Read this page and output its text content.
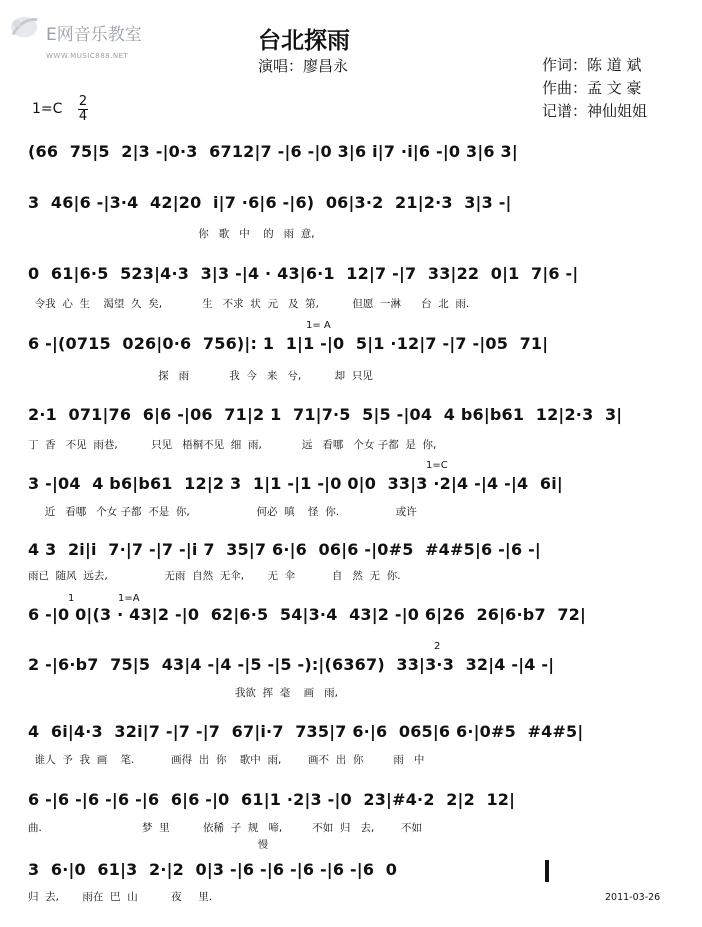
E网音乐教室
WWW.MUSIC888.NET
台北探雨
演唱：廖昌永	作词：陈 道 斌
作曲：孟 文 豪
记谱：神仙姐姐
1=C 2
4
(66  75|5  2|3 -|0·3  6712|7 -|6 -|0 3|6 i|7 ·i|6 -|0 3|6 3|
3  46|6 -|3·4  42|20  i|7 ·6|6 -|6)  06|3·2  21|2·3  3|3 -|
你   歌   中    的   雨  意,
0  61|6·5  523|4·3  3|3 -|4 · 43|6·1  12|7 -|7  33|22  0|1  7|6 -|
令我  心  生    渴望  久  矣,            生   不求  状  元   及  第,          但愿  一淋      台  北  雨.
1= A
6 -|(0715  026|0·6  756)|: 1  1|1 -|0  5|1 ·12|7 -|7 -|05  71|
探   雨            我  今   来   兮,          却  只见
2·1  071|76  6|6 -|06  71|2 1  71|7·5  5|5 -|04  4 b6|b61  12|2·3  3|
丁  香   不见  雨巷,          只见   梧桐不见  细  雨,            远   看哪   个女 子都  是  你,
1=C
3 -|04  4 b6|b61  12|2 3  1|1 -|1 -|0 0|0  33|3 ·2|4 -|4 -|4  6i|
近   看哪   个女 子都  不是  你,                    何必  嗔    怪  你.                 或许
4 3  2i|i  7·|7 -|7 -|i 7  35|7 6·|6  06|6 -|0#5  #4#5|6 -|6 -|
雨已  随风  远去,                 无雨  自然  无伞,       无  伞           自   然  无  你.
1	1=A
6 -|0 0|(3 · 43|2 -|0  62|6·5  54|3·4  43|2 -|0 6|26  26|6·b7  72|
2
2 -|6·b7  75|5  43|4 -|4 -|5 -|5 -):|(6367)  33|3·3  32|4 -|4 -|
我欲  挥  毫    画   雨,
4  6i|4·3  32i|7 -|7 -|7  67|i·7  735|7 6·|6  065|6 6·|0#5  #4#5|
谁人  予  我  画    笔.           画得  出  你    歌中  雨,        画不  出  你         雨   中
6 -|6 -|6 -|6 -|6  6|6 -|0  61|1 ·2|3 -|0  23|#4·2  2|2  12|
曲.                              梦  里          依稀  子  规   啼,         不如  归   去,        不如
慢
3  6·|0  61|3  2·|2  0|3 -|6 -|6 -|6 -|6 -|6  0
归  去,       雨在  巴  山          夜     里.	2011-03-26
